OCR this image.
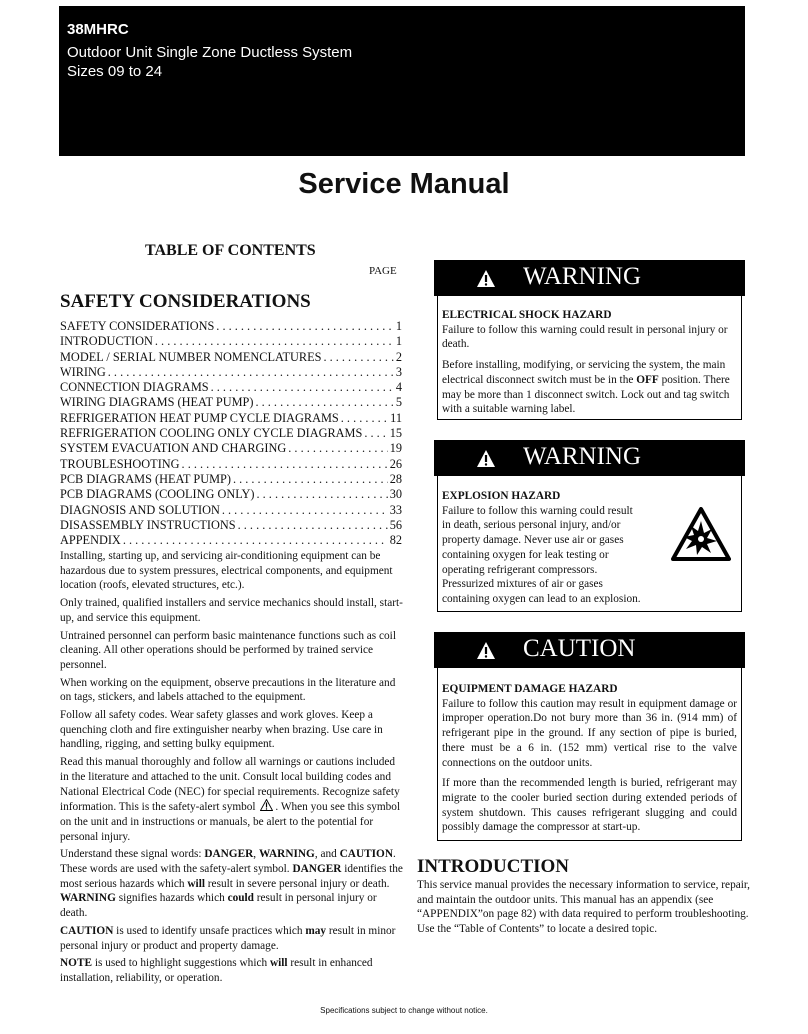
38MHRC
Outdoor Unit Single Zone Ductless System
Sizes 09 to 24
Service Manual
TABLE OF CONTENTS
PAGE
SAFETY CONSIDERATIONS
SAFETY CONSIDERATIONS . . .	1
INTRODUCTION . . .	1
MODEL / SERIAL NUMBER NOMENCLATURES . . .	2
WIRING . . .	3
CONNECTION DIAGRAMS . . .	4
WIRING DIAGRAMS (HEAT PUMP) . . .	5
REFRIGERATION HEAT PUMP CYCLE DIAGRAMS . . .	11
REFRIGERATION COOLING ONLY CYCLE DIAGRAMS . . . 15
SYSTEM EVACUATION AND CHARGING . . .	19
TROUBLESHOOTING . . .	26
PCB DIAGRAMS (HEAT PUMP) . . .	28
PCB DIAGRAMS (COOLING ONLY) . . .	30
DIAGNOSIS AND SOLUTION . . .	33
DISASSEMBLY INSTRUCTIONS . . .	56
APPENDIX . . .	82

Installing, starting up, and servicing air-conditioning equipment can be hazardous due to system pressures, electrical components, and equipment location (roofs, elevated structures, etc.).

Only trained, qualified installers and service mechanics should install, start-up, and service this equipment.

Untrained personnel can perform basic maintenance functions such as coil cleaning. All other operations should be performed by trained service personnel.

When working on the equipment, observe precautions in the literature and on tags, stickers, and labels attached to the equipment.

Follow all safety codes. Wear safety glasses and work gloves. Keep a quenching cloth and fire extinguisher nearby when brazing. Use care in handling, rigging, and setting bulky equipment.

Read this manual thoroughly and follow all warnings or cautions included in the literature and attached to the unit. Consult local building codes and National Electrical Code (NEC) for special requirements. Recognize safety information. This is the safety-alert symbol . When you see this symbol on the unit and in instructions or manuals, be alert to the potential for personal injury.

Understand these signal words: DANGER, WARNING, and CAUTION. These words are used with the safety-alert symbol. DANGER identifies the most serious hazards which will result in severe personal injury or death. WARNING signifies hazards which could result in personal injury or death.

CAUTION is used to identify unsafe practices which may result in minor personal injury or product and property damage.

NOTE is used to highlight suggestions which will result in enhanced installation, reliability, or operation.

WARNING
ELECTRICAL SHOCK HAZARD

Failure to follow this warning could result in personal injury or death.

Before installing, modifying, or servicing the system, the main electrical disconnect switch must be in the OFF position. There may be more than 1 disconnect switch. Lock out and tag switch with a suitable warning label.

WARNING
EXPLOSION HAZARD
Failure to follow this warning could result
in death, serious personal injury, and/or
property damage. Never use air or gases
containing oxygen for leak testing or
operating refrigerant compressors.
Pressurized mixtures of air or gases
containing oxygen can lead to an explosion.
CAUTION
EQUIPMENT DAMAGE HAZARD

Failure to follow this caution may result in equipment damage or improper operation.Do not bury more than 36 in. (914 mm) of refrigerant pipe in the ground. If any section of pipe is buried, there must be a 6 in. (152 mm) vertical rise to the valve connections on the outdoor units.

If more than the recommended length is buried, refrigerant may migrate to the cooler buried section during extended periods of system shutdown. This causes refrigerant slugging and could possibly damage the compressor at start-up.

INTRODUCTION
This service manual provides the necessary information to service, repair, and maintain the outdoor units. This manual has an appendix (see “APPENDIX”on page 82) with data required to perform troubleshooting. Use the “Table of Contents” to locate a desired topic.
Specifications subject to change without notice.
